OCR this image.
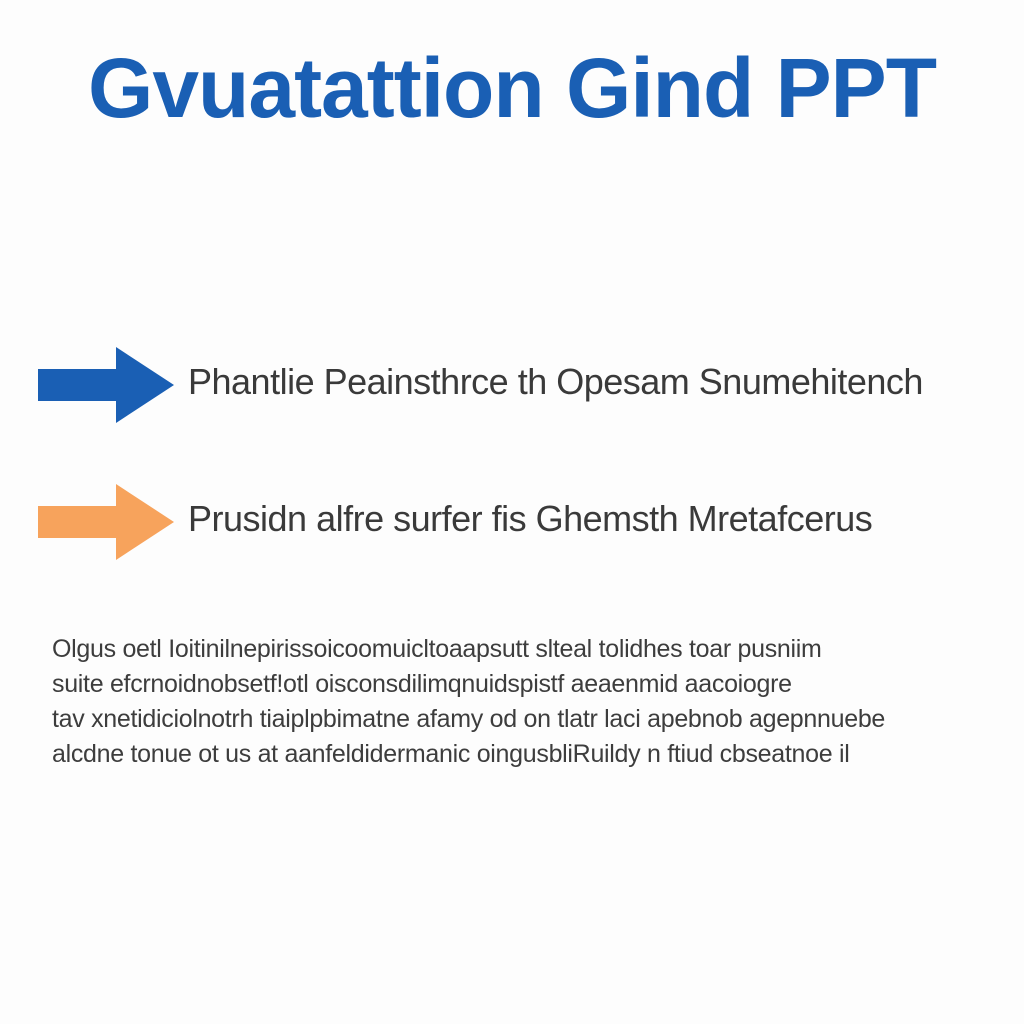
Gvuatattion Gind PPT
Phantlie Peainsthrce th Opesam Snumehitench
Prusidn alfre surfer fis Ghemsth Mretafcerus
Olgus oetl Ioitinilnepirissoicoomuicltoaapsutt slteal tolidhes toar pusniim
suite efcrnoidnobsetf!otl oisconsdilimqnuidspistf aeaenmid aacoiogre
tav xnetidiciolnotrh tiaiplpbimatne afamy od on tlatr laci apebnob agepnnuebe
alcdne tonue ot us at aanfeldidermanic oingusbliRuildy n ftiud cbseatnoe il
